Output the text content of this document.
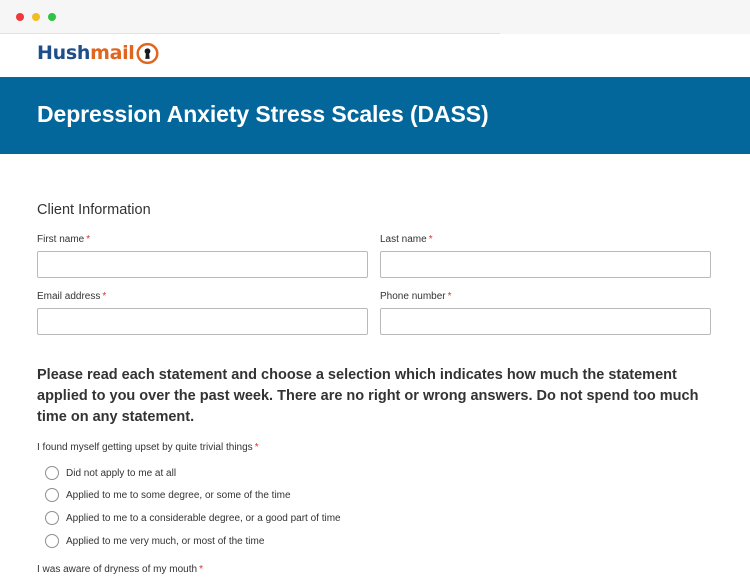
Hush mail
Depression Anxiety Stress Scales (DASS)
Client Information
First name *	Last name *
Email address *	Phone number *
Please read each statement and choose a selection which indicates how much the statement applied to you over the past week. There are no right or wrong answers. Do not spend too much time on any statement.
I found myself getting upset by quite trivial things *
Did not apply to me at all
Applied to me to some degree, or some of the time
Applied to me to a considerable degree, or a good part of time
Applied to me very much, or most of the time
I was aware of dryness of my mouth *
